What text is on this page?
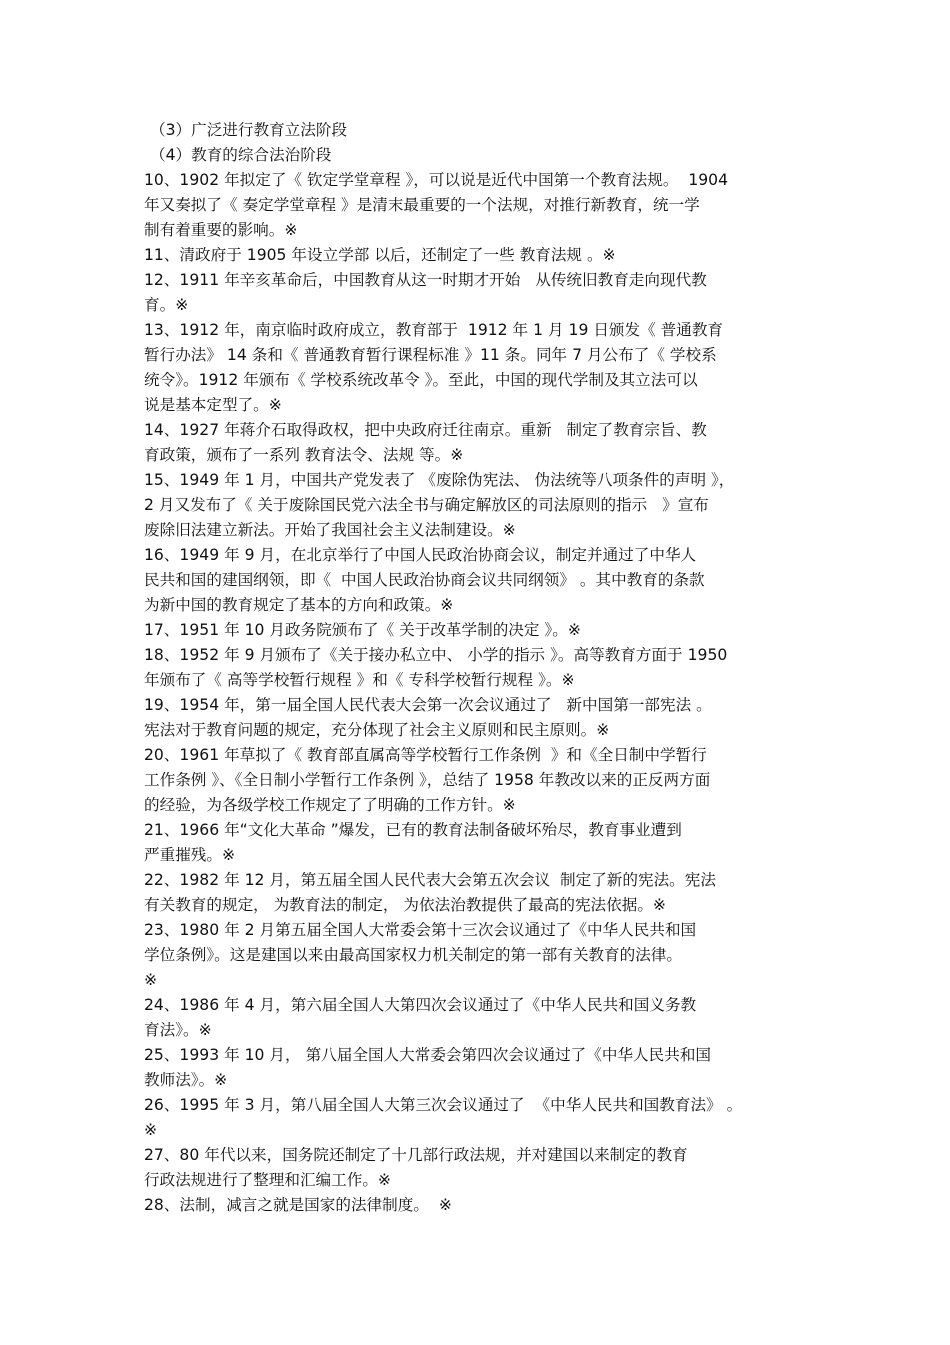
（3）广泛进行教育立法阶段

（4）教育的综合法治阶段

10、1902 年拟定了《 钦定学堂章程 》，可以说是近代中国第一个教育法规。  1904

年又奏拟了《 奏定学堂章程 》是清末最重要的一个法规，对推行新教育，统一学

制有着重要的影响。※

11、清政府于 1905 年设立学部 以后，还制定了一些 教育法规 。※

12、1911 年辛亥革命后，中国教育从这一时期才开始   从传统旧教育走向现代教

育。※

13、1912 年，南京临时政府成立，教育部于  1912 年 1 月 19 日颁发《 普通教育

暂行办法》 14 条和《 普通教育暂行课程标准 》11 条。同年 7 月公布了《 学校系

统令》。1912 年颁布《 学校系统改革令 》。至此，中国的现代学制及其立法可以

说是基本定型了。※

14、1927 年蒋介石取得政权，把中央政府迁往南京。重新   制定了教育宗旨、教

育政策，颁布了一系列 教育法令、法规 等。※

15、1949 年 1 月，中国共产党发表了 《废除伪宪法、 伪法统等八项条件的声明 》，

2 月又发布了《 关于废除国民党六法全书与确定解放区的司法原则的指示   》宣布

废除旧法建立新法。开始了我国社会主义法制建设。※

16、1949 年 9 月，在北京举行了中国人民政治协商会议，制定并通过了中华人

民共和国的建国纲领，即《  中国人民政治协商会议共同纲领》 。其中教育的条款

为新中国的教育规定了基本的方向和政策。※

17、1951 年 10 月政务院颁布了《 关于改革学制的决定 》。※

18、1952 年 9 月颁布了《关于接办私立中、 小学的指示 》。高等教育方面于 1950

年颁布了《 高等学校暂行规程 》和《 专科学校暂行规程 》。※

19、1954 年，第一届全国人民代表大会第一次会议通过了   新中国第一部宪法 。

宪法对于教育问题的规定，充分体现了社会主义原则和民主原则。※

20、1961 年草拟了《 教育部直属高等学校暂行工作条例  》和《全日制中学暂行

工作条例 》、《全日制小学暂行工作条例 》，总结了 1958 年教改以来的正反两方面

的经验，为各级学校工作规定了了明确的工作方针。※

21、1966 年“文化大革命 ”爆发，已有的教育法制备破坏殆尽，教育事业遭到

严重摧残。※

22、1982 年 12 月，第五届全国人民代表大会第五次会议  制定了新的宪法。宪法

有关教育的规定， 为教育法的制定， 为依法治教提供了最高的宪法依据。※

23、1980 年 2 月第五届全国人大常委会第十三次会议通过了《中华人民共和国

学位条例》。这是建国以来由最高国家权力机关制定的第一部有关教育的法律。

※

24、1986 年 4 月，第六届全国人大第四次会议通过了《中华人民共和国义务教

育法》。※

25、1993 年 10 月， 第八届全国人大常委会第四次会议通过了《中华人民共和国

教师法》。※

26、1995 年 3 月，第八届全国人大第三次会议通过了  《中华人民共和国教育法》 。

※

27、80 年代以来，国务院还制定了十几部行政法规，并对建国以来制定的教育

行政法规进行了整理和汇编工作。※

28、法制，减言之就是国家的法律制度。  ※
